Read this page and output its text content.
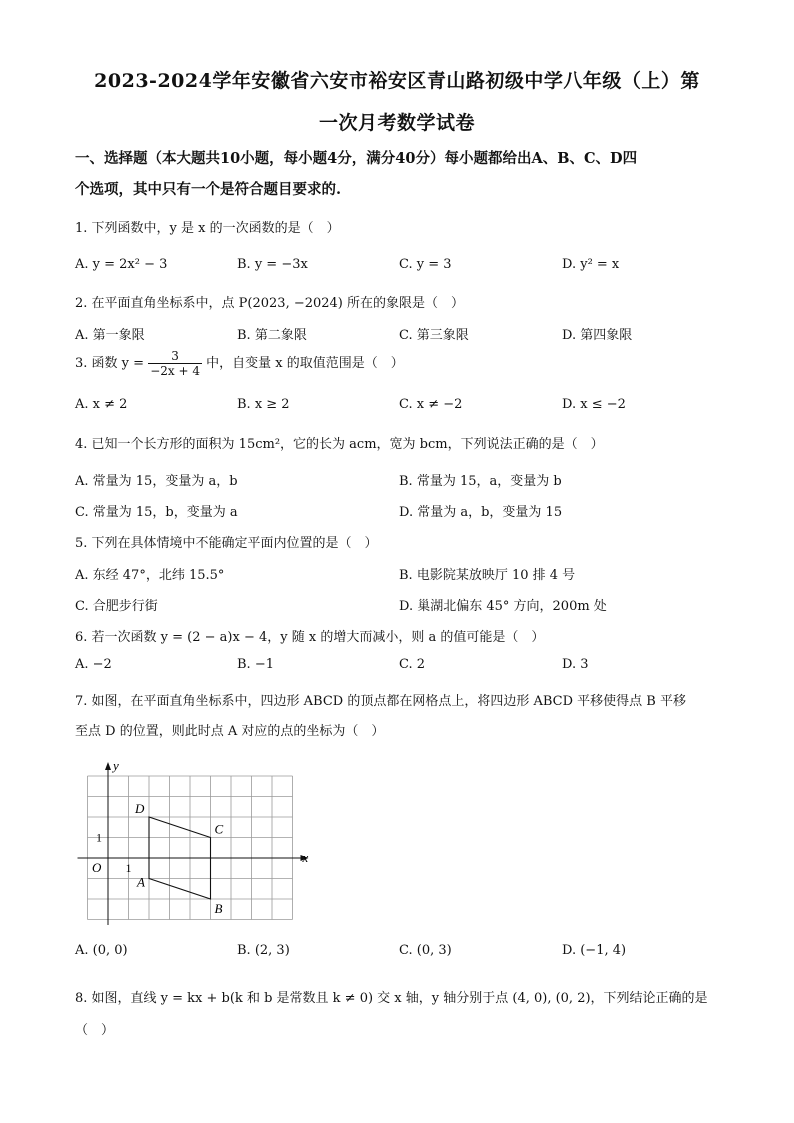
2023-2024学年安徽省六安市裕安区青山路初级中学八年级（上）第
一次月考数学试卷
一、选择题（本大题共10小题，每小题4分，满分40分）每小题都给出A、B、C、D四
个选项，其中只有一个是符合题目要求的.
1. 下列函数中，y 是 x 的一次函数的是（　）
A. y = 2x² − 3	B. y = −3x	C. y = 3	D. y² = x
2. 在平面直角坐标系中，点 P(2023, −2024) 所在的象限是（　）
A. 第一象限	B. 第二象限	C. 第三象限	D. 第四象限
3. 函数 $y = \frac{3}{-2x + 4}$ 中，自变量 x 的取值范围是（　）
A. x ≠ 2	B. x ≥ 2	C. x ≠ −2	D. x ≤ −2
4. 已知一个长方形的面积为 15cm²，它的长为 acm，宽为 bcm，下列说法正确的是（　）
A. 常量为 15，变量为 a，b	B. 常量为 15，a，变量为 b
C. 常量为 15，b，变量为 a	D. 常量为 a，b，变量为 15
5. 下列在具体情境中不能确定平面内位置的是（　）
A. 东经 47°，北纬 15.5°	B. 电影院某放映厅 10 排 4 号
C. 合肥步行街	D. 巢湖北偏东 45° 方向，200m 处
6. 若一次函数 y = (2 − a)x − 4，y 随 x 的增大而减小，则 a 的值可能是（　）
A. −2	B. −1	C. 2	D. 3
7. 如图，在平面直角坐标系中，四边形 ABCD 的顶点都在网格点上，将四边形 ABCD 平移使得点 B 平移
至点 D 的位置，则此时点 A 对应的点的坐标为（　）
x
y
O 1
1
A
B
C
D
A. (0, 0)	B. (2, 3)	C. (0, 3)	D. (−1, 4)
8. 如图，直线 y = kx + b(k 和 b 是常数且 k ≠ 0) 交 x 轴，y 轴分别于点 (4, 0), (0, 2)，下列结论正确的是
（　）
